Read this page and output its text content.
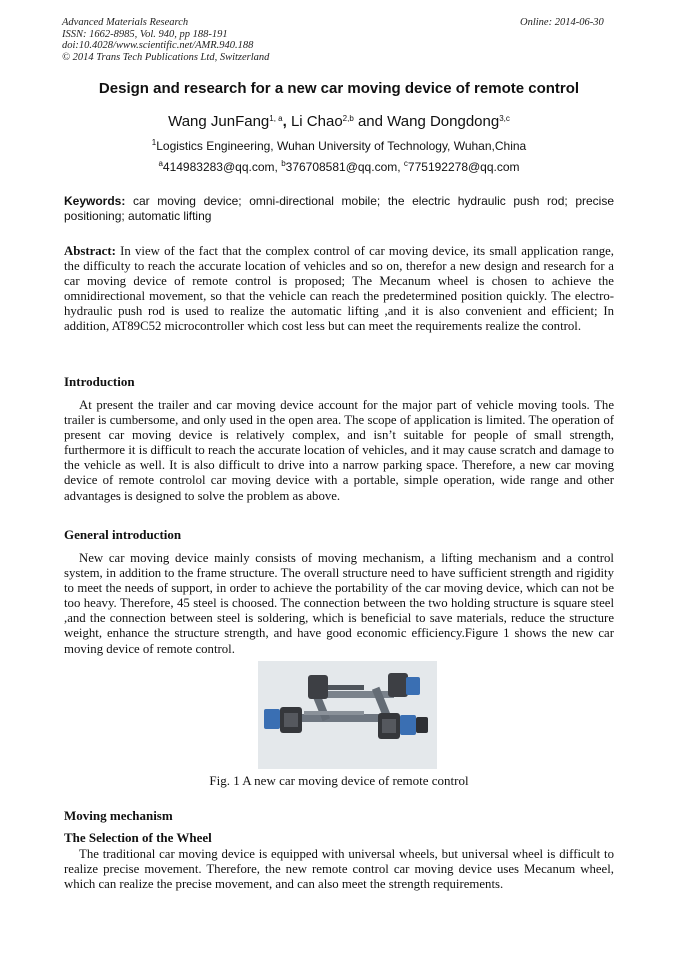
Advanced Materials Research
ISSN: 1662-8985, Vol. 940, pp 188-191
doi:10.4028/www.scientific.net/AMR.940.188
© 2014 Trans Tech Publications Ltd, Switzerland
Online: 2014-06-30
Design and research for a new car moving device of remote control
Wang JunFang$^{1, a}$, Li Chao$^{2,b}$ and Wang Dongdong$^{3,c}$
$^1$Logistics Engineering, Wuhan University of Technology, Wuhan,China
$^a$414983283@qq.com, $^b$376708581@qq.com, $^c$775192278@qq.com
Keywords: car moving device; omni-directional mobile; the electric hydraulic push rod; precise positioning; automatic lifting

Abstract: In view of the fact that the complex control of car moving device, its small application range, the difficulty to reach the accurate location of vehicles and so on, therefor a new design and research for a car moving device of remote control is proposed; The Mecanum wheel is chosen to achieve the omnidirectional movement, so that the vehicle can reach the predetermined position quickly. The electro-hydraulic push rod is used to realize the automatic lifting ,and it is also convenient and efficient; In addition, AT89C52 microcontroller which cost less but can meet the requirements realize the control.

Introduction

At present the trailer and car moving device account for the major part of vehicle moving tools. The trailer is cumbersome, and only used in the open area. The scope of application is limited. The operation of present car moving device is relatively complex, and isn’t suitable for people of small strength, furthermore it is difficult to reach the accurate location of vehicles, and it may cause scratch and damage to the vehicle as well. It is also difficult to drive into a narrow parking space. Therefore, a new car moving device of remote controlol car moving device with a portable, simple operation, wide range and other advantages is designed to solve the problem as above.

General introduction

New car moving device mainly consists of moving mechanism, a lifting mechanism and a control system, in addition to the frame structure. The overall structure need to have sufficient strength and rigidity to meet the needs of support, in order to achieve the portability of the car moving device, which can not be too heavy. Therefore, 45 steel is choosed. The connection between the two holding structure is square steel ,and the connection between steel is soldering, which is beneficial to save materials, reduce the structure weight, enhance the structure strength, and have good economic efficiency.Figure 1 shows the new car moving device of remote control.

Fig. 1 A new car moving device of remote control
Moving mechanism
The Selection of the Wheel

The traditional car moving device is equipped with universal wheels, but universal wheel is difficult to realize precise movement. Therefore, the new remote control car moving device uses Mecanum wheel, which can realize the precise movement, and can also meet the strength requirements.
